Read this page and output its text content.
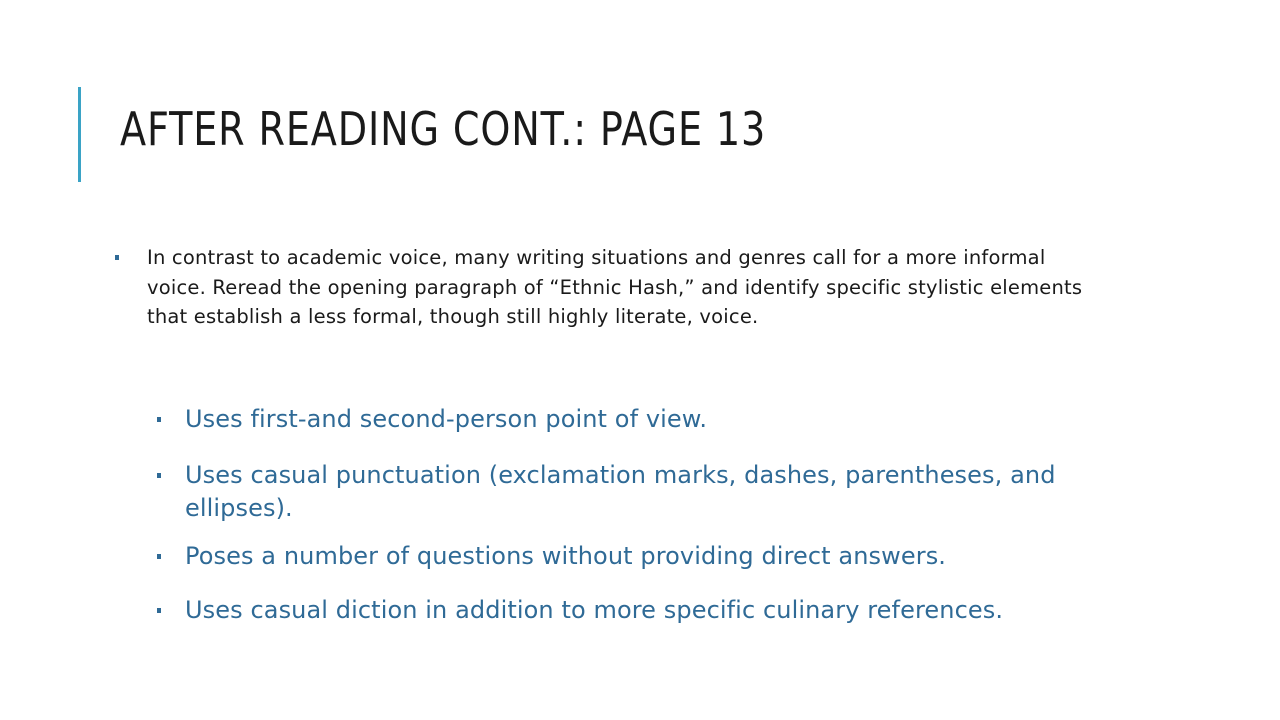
AFTER READING CONT.: PAGE 13

In contrast to academic voice, many writing situations and genres call for a more informal voice. Reread the opening paragraph of “Ethnic Hash,” and identify specific stylistic elements that establish a less formal, though still highly literate, voice.

Uses first-and second-person point of view.

Uses casual punctuation (exclamation marks, dashes, parentheses, and ellipses).

Poses a number of questions without providing direct answers.

Uses casual diction in addition to more specific culinary references.
